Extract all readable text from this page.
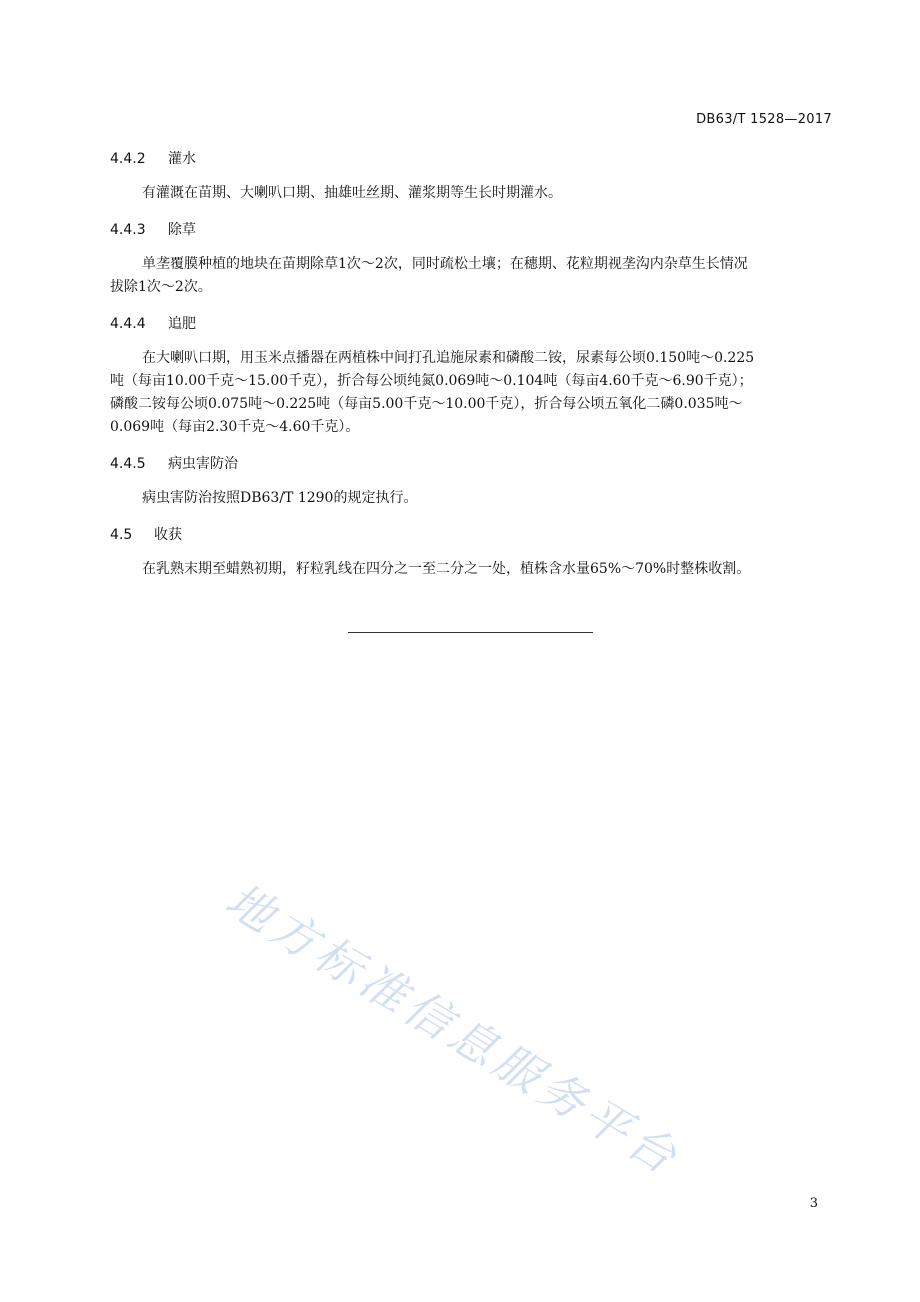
DB63/T 1528—2017
4.4.2 灌水
有灌溉在苗期、大喇叭口期、抽雄吐丝期、灌浆期等生长时期灌水。
4.4.3 除草
单垄覆膜种植的地块在苗期除草1次～2次，同时疏松土壤；在穗期、花粒期视垄沟内杂草生长情况
拔除1次～2次。
4.4.4 追肥
在大喇叭口期，用玉米点播器在两植株中间打孔追施尿素和磷酸二铵，尿素每公顷0.150吨～0.225
吨（每亩10.00千克～15.00千克），折合每公顷纯氮0.069吨～0.104吨（每亩4.60千克～6.90千克）；
磷酸二铵每公顷0.075吨～0.225吨（每亩5.00千克～10.00千克），折合每公顷五氧化二磷0.035吨～
0.069吨（每亩2.30千克～4.60千克）。
4.4.5 病虫害防治
病虫害防治按照DB63/T 1290的规定执行。
4.5 收获
在乳熟末期至蜡熟初期，籽粒乳线在四分之一至二分之一处，植株含水量65%～70%时整株收割。
地方标准信息服务平台
3
